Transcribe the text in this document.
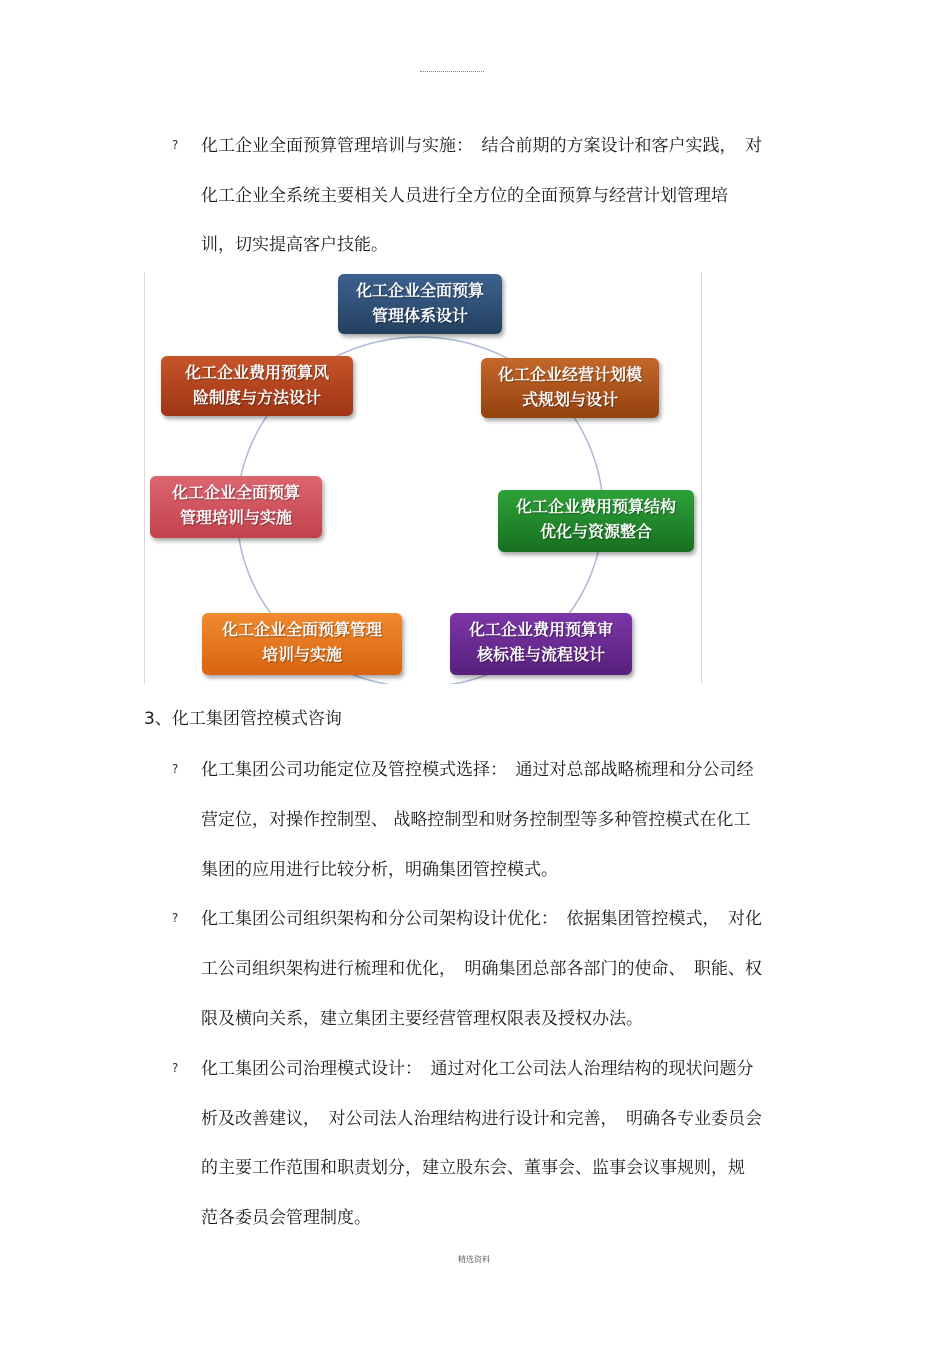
? 化工企业全面预算管理培训与实施：　结合前期的方案设计和客户实践，　对
化工企业全系统主要相关人员进行全方位的全面预算与经营计划管理培
训，切实提高客户技能。
化工企业全面预算
管理体系设计
化工企业经营计划模
式规划与设计
化工企业费用预算结构
优化与资源整合
化工企业费用预算审
核标准与流程设计
化工企业全面预算管理
培训与实施
化工企业全面预算
管理培训与实施
化工企业费用预算风
险制度与方法设计
3、化工集团管控模式咨询
? 化工集团公司功能定位及管控模式选择：　通过对总部战略梳理和分公司经
营定位，对操作控制型、 战略控制型和财务控制型等多种管控模式在化工
集团的应用进行比较分析，明确集团管控模式。
? 化工集团公司组织架构和分公司架构设计优化：　依据集团管控模式，　对化
工公司组织架构进行梳理和优化，　明确集团总部各部门的使命、　职能、权
限及横向关系，建立集团主要经营管理权限表及授权办法。
? 化工集团公司治理模式设计：　通过对化工公司法人治理结构的现状问题分
析及改善建议，　对公司法人治理结构进行设计和完善，　明确各专业委员会
的主要工作范围和职责划分，建立股东会、董事会、监事会议事规则，规
范各委员会管理制度。
精选资料
